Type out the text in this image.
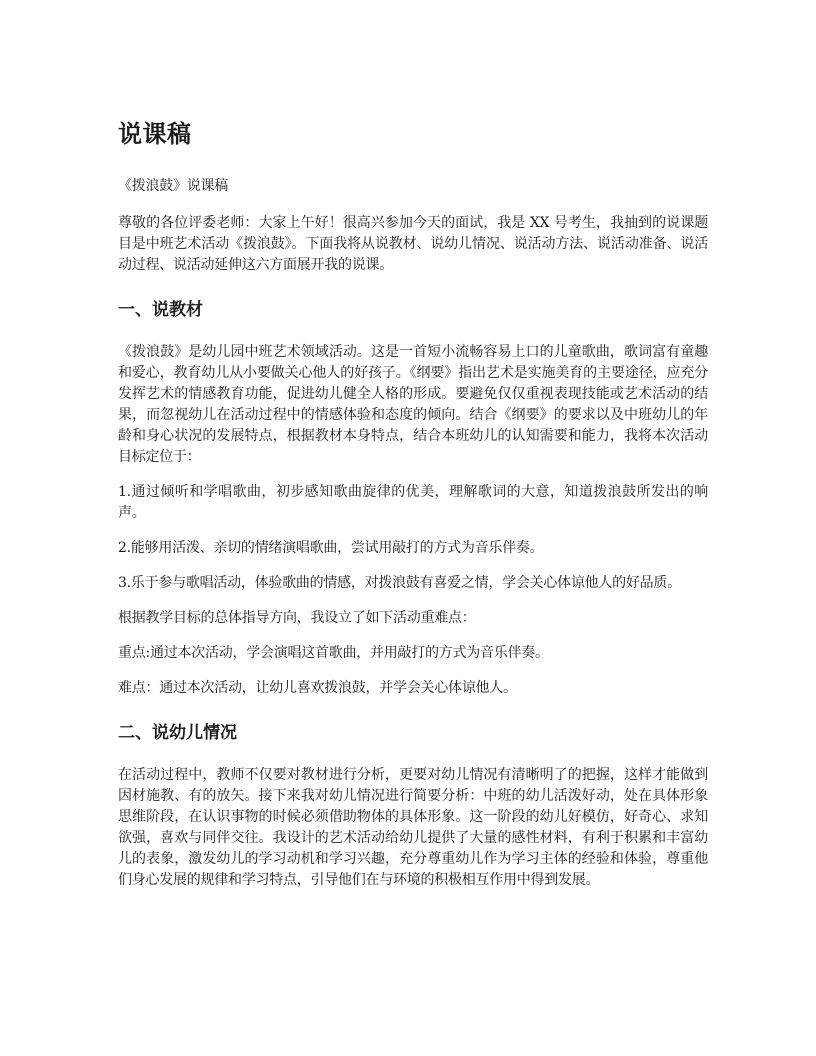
说课稿

《拨浪鼓》说课稿

尊敬的各位评委老师：大家上午好！很高兴参加今天的面试，我是 XX 号考生，我抽到的说课题目是中班艺术活动《拨浪鼓》。下面我将从说教材、说幼儿情况、说活动方法、说活动准备、说活动过程、说活动延伸这六方面展开我的说课。

一、说教材

《拨浪鼓》是幼儿园中班艺术领域活动。这是一首短小流畅容易上口的儿童歌曲，歌词富有童趣和爱心，教育幼儿从小要做关心他人的好孩子。《纲要》指出艺术是实施美育的主要途径，应充分发挥艺术的情感教育功能，促进幼儿健全人格的形成。要避免仅仅重视表现技能或艺术活动的结果，而忽视幼儿在活动过程中的情感体验和态度的倾向。结合《纲要》的要求以及中班幼儿的年龄和身心状况的发展特点，根据教材本身特点，结合本班幼儿的认知需要和能力，我将本次活动目标定位于：

1.通过倾听和学唱歌曲，初步感知歌曲旋律的优美，理解歌词的大意，知道拨浪鼓所发出的响声。

2.能够用活泼、亲切的情绪演唱歌曲，尝试用敲打的方式为音乐伴奏。

3.乐于参与歌唱活动，体验歌曲的情感，对拨浪鼓有喜爱之情，学会关心体谅他人的好品质。

根据教学目标的总体指导方向，我设立了如下活动重难点：

重点:通过本次活动，学会演唱这首歌曲，并用敲打的方式为音乐伴奏。

难点：通过本次活动，让幼儿喜欢拨浪鼓，并学会关心体谅他人。

二、说幼儿情况

在活动过程中，教师不仅要对教材进行分析，更要对幼儿情况有清晰明了的把握，这样才能做到因材施教、有的放矢。接下来我对幼儿情况进行简要分析：中班的幼儿活泼好动，处在具体形象思维阶段，在认识事物的时候必须借助物体的具体形象。这一阶段的幼儿好模仿，好奇心、求知欲强，喜欢与同伴交往。我设计的艺术活动给幼儿提供了大量的感性材料，有利于积累和丰富幼儿的表象，激发幼儿的学习动机和学习兴趣，充分尊重幼儿作为学习主体的经验和体验，尊重他们身心发展的规律和学习特点，引导他们在与环境的积极相互作用中得到发展。
